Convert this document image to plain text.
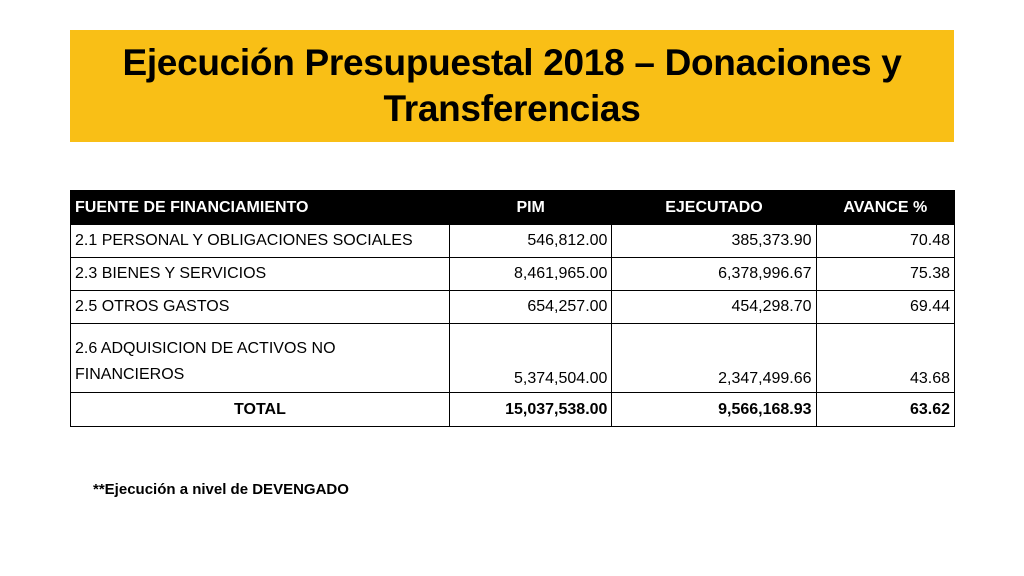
Ejecución Presupuestal 2018 – Donaciones y Transferencias
FUENTE DE FINANCIAMIENTO	PIM	EJECUTADO	AVANCE %
2.1 PERSONAL Y OBLIGACIONES SOCIALES	546,812.00	385,373.90	70.48
2.3 BIENES Y SERVICIOS	8,461,965.00	6,378,996.67	75.38
2.5 OTROS GASTOS	654,257.00	454,298.70	69.44
2.6 ADQUISICION DE ACTIVOS NO FINANCIEROS	5,374,504.00	2,347,499.66	43.68
TOTAL	15,037,538.00	9,566,168.93	63.62
**Ejecución a nivel de DEVENGADO
